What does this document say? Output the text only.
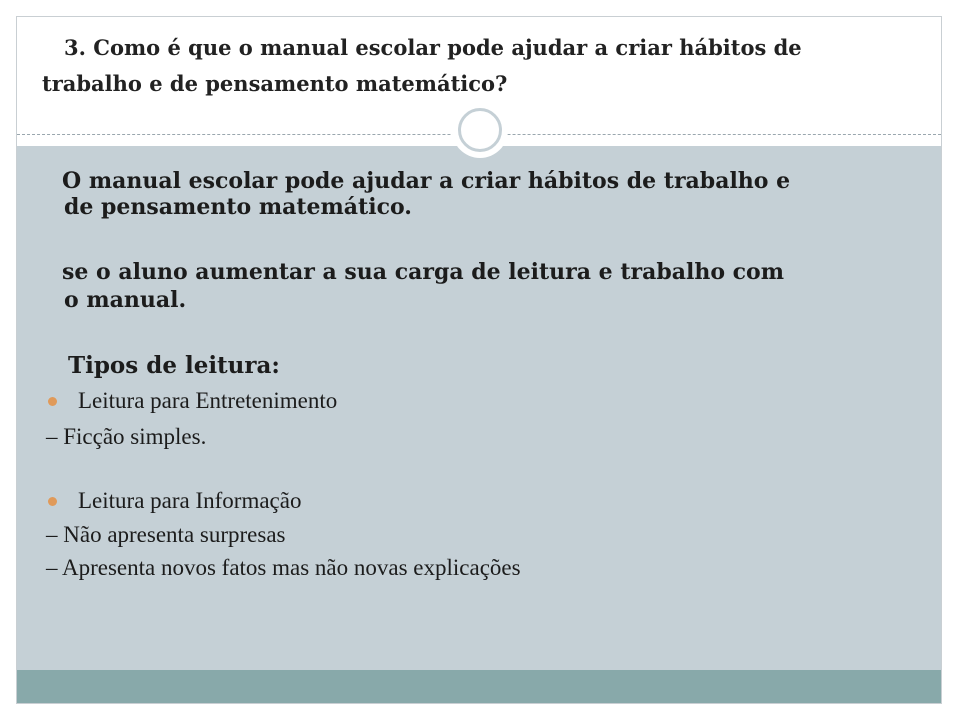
3. Como é que o manual escolar pode ajudar a criar hábitos de
trabalho e de pensamento matemático?

O manual escolar pode ajudar a criar hábitos de trabalho e
de pensamento matemático.

se o aluno aumentar a sua carga de leitura e trabalho com
o manual.

Tipos de leitura:

Leitura para Entretenimento

– Ficção simples.

Leitura para Informação

– Não apresenta surpresas

– Apresenta novos fatos mas não novas explicações
